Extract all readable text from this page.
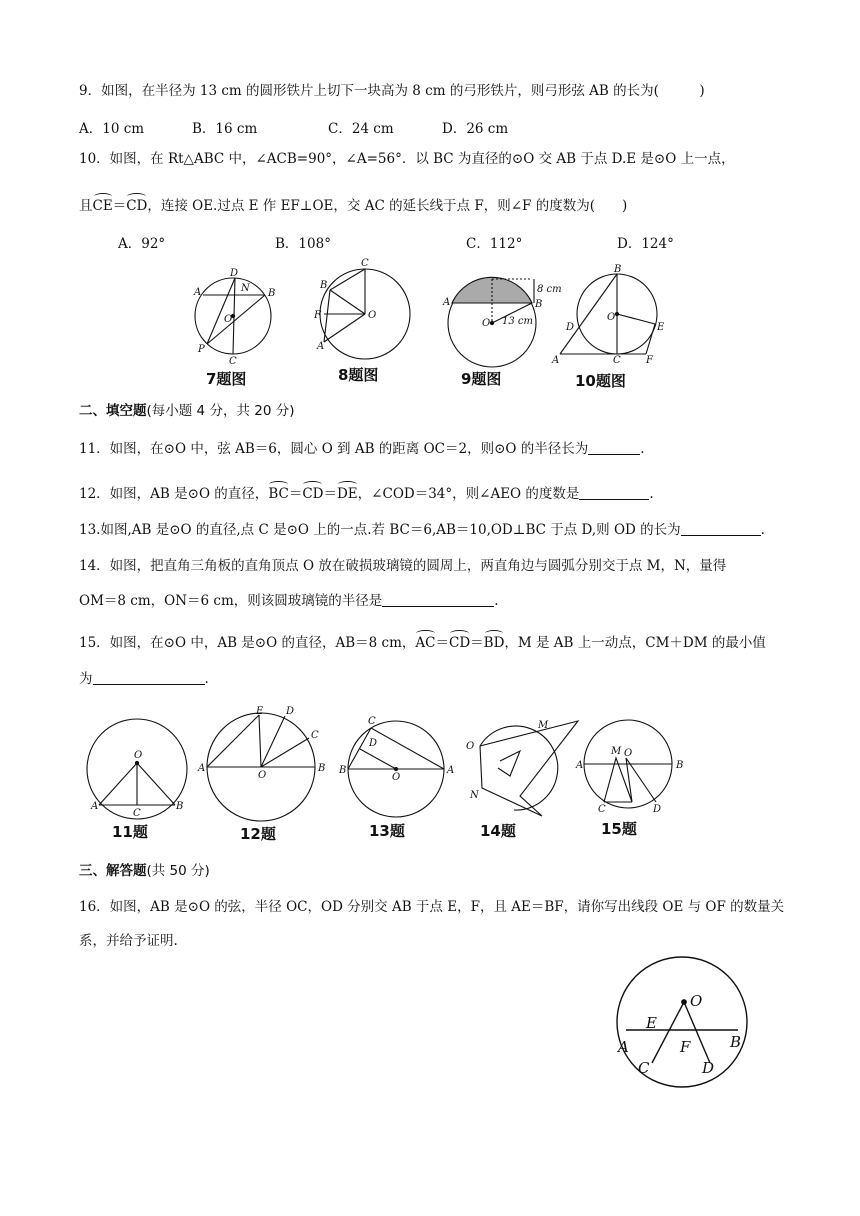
9．如图，在半径为 13 cm 的圆形铁片上切下一块高为 8 cm 的弓形铁片，则弓形弦 AB 的长为(　　　)
A．10 cm	B．16 cm	C．24 cm	D．26 cm
10．如图，在 Rt△ABC 中，∠ACB=90°，∠A=56°．以 BC 为直径的⊙O 交 AB 于点 D.E 是⊙O 上一点，
且CE＝CD，连接 OE.过点 E 作 EF⊥OE，交 AC 的延长线于点 F，则∠F 的度数为(　　)
A．92°	B．108°	C．112°	D．124°
D
N
A	B
O
P
C
7题图
C
B
F	O
A
8题图
8 cm
A	B
O 13 cm
9题图
B
O
D	E
A	C	F
10题图
二、填空题(每小题 4 分，共 20 分)
11．如图，在⊙O 中，弦 AB＝6，圆心 O 到 AB 的距离 OC＝2，则⊙O 的半径长为	.
12．如图，AB 是⊙O 的直径，BC＝CD＝DE，∠COD＝34°，则∠AEO 的度数是	.
13.如图,AB 是⊙O 的直径,点 C 是⊙O 上的一点.若 BC＝6,AB＝10,OD⊥BC 于点 D,则 OD 的长为	.
14．如图，把直角三角板的直角顶点 O 放在破损玻璃镜的圆周上，两直角边与圆弧分别交于点 M，N，量得
OM＝8 cm，ON＝6 cm，则该圆玻璃镜的半径是	.
15．如图，在⊙O 中，AB 是⊙O 的直径，AB＝8 cm，AC＝CD＝BD，M 是 AB 上一动点，CM＋DM 的最小值
为	.
O
A
C
B
11题
E D
C
A
O
B
12题
C
D
B
O
A
13题
O
M
N
14题
M
A
O
B
C	D
15题
三、解答题(共 50 分)
16．如图，AB 是⊙O 的弦，半径 OC，OD 分别交 AB 于点 E，F，且 AE＝BF，请你写出线段 OE 与 OF 的数量关
系，并给予证明.
O
E
A	F	B
C	D
